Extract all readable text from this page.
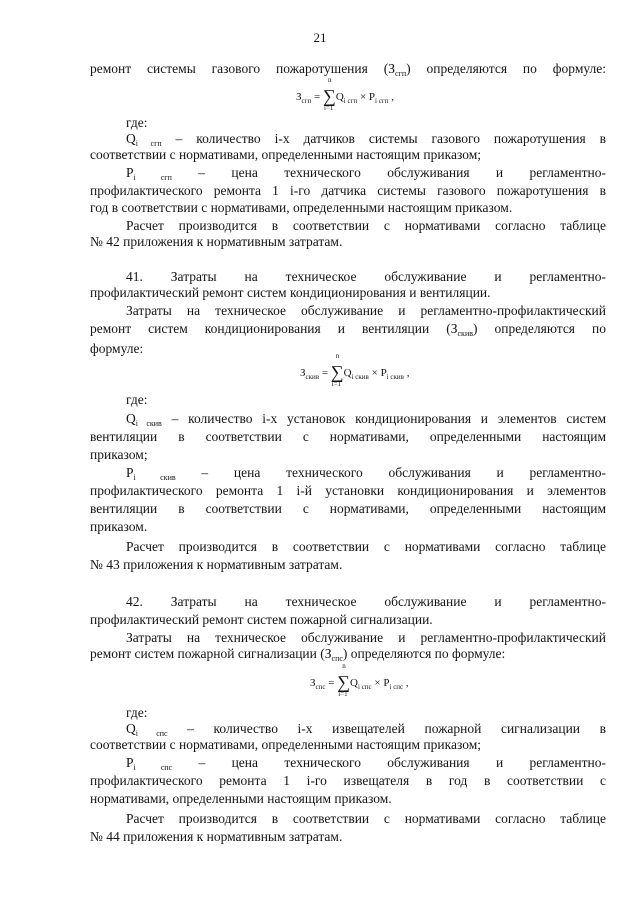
21
ремонт системы газового пожаротушения $(З_{сгп})$ определяются по формуле:
где:
$Q_{i сгп}$ – количество i-х датчиков системы газового пожаротушения в
соответствии с нормативами, определенными настоящим приказом;
$P_{i сгп}$ – цена технического обслуживания и регламентно-
профилактического ремонта 1 i-го датчика системы газового пожаротушения в
год в соответствии с нормативами, определенными настоящим приказом.
Расчет производится в соответствии с нормативами согласно таблице
№ 42 приложения к нормативным затратам.
41. Затраты на техническое обслуживание и регламентно-
профилактический ремонт систем кондиционирования и вентиляции.
Затраты на техническое обслуживание и регламентно-профилактический
ремонт систем кондиционирования и вентиляции $(З_{скив})$ определяются по
формуле:
где:
$Q_{i скив}$ – количество i-х установок кондиционирования и элементов систем
вентиляции в соответствии с нормативами, определенными настоящим
приказом;
$P_{i скив}$ – цена технического обслуживания и регламентно-
профилактического ремонта 1 i-й установки кондиционирования и элементов
вентиляции в соответствии с нормативами, определенными настоящим
приказом.
Расчет производится в соответствии с нормативами согласно таблице
№ 43 приложения к нормативным затратам.
42. Затраты на техническое обслуживание и регламентно-
профилактический ремонт систем пожарной сигнализации.
Затраты на техническое обслуживание и регламентно-профилактический
ремонт систем пожарной сигнализации $(З_{спс})$ определяются по формуле:
где:
$Q_{i спс}$ – количество i-х извещателей пожарной сигнализации в
соответствии с нормативами, определенными настоящим приказом;
$P_{i спс}$ – цена технического обслуживания и регламентно-
профилактического ремонта 1 i-го извещателя в год в соответствии с
нормативами, определенными настоящим приказом.
Расчет производится в соответствии с нормативами согласно таблице
№ 44 приложения к нормативным затратам.
$З_{сгп}$ =
n
∑
i=1
$Q_{i сгп} \times P_{i сгп}$ ,
$З_{скив}$ =
n
∑
i=1
$Q_{i скив} \times P_{i скив}$ ,
$З_{спс}$ =
n
∑
i=1
$Q_{i спс} \times P_{i спс}$ ,
